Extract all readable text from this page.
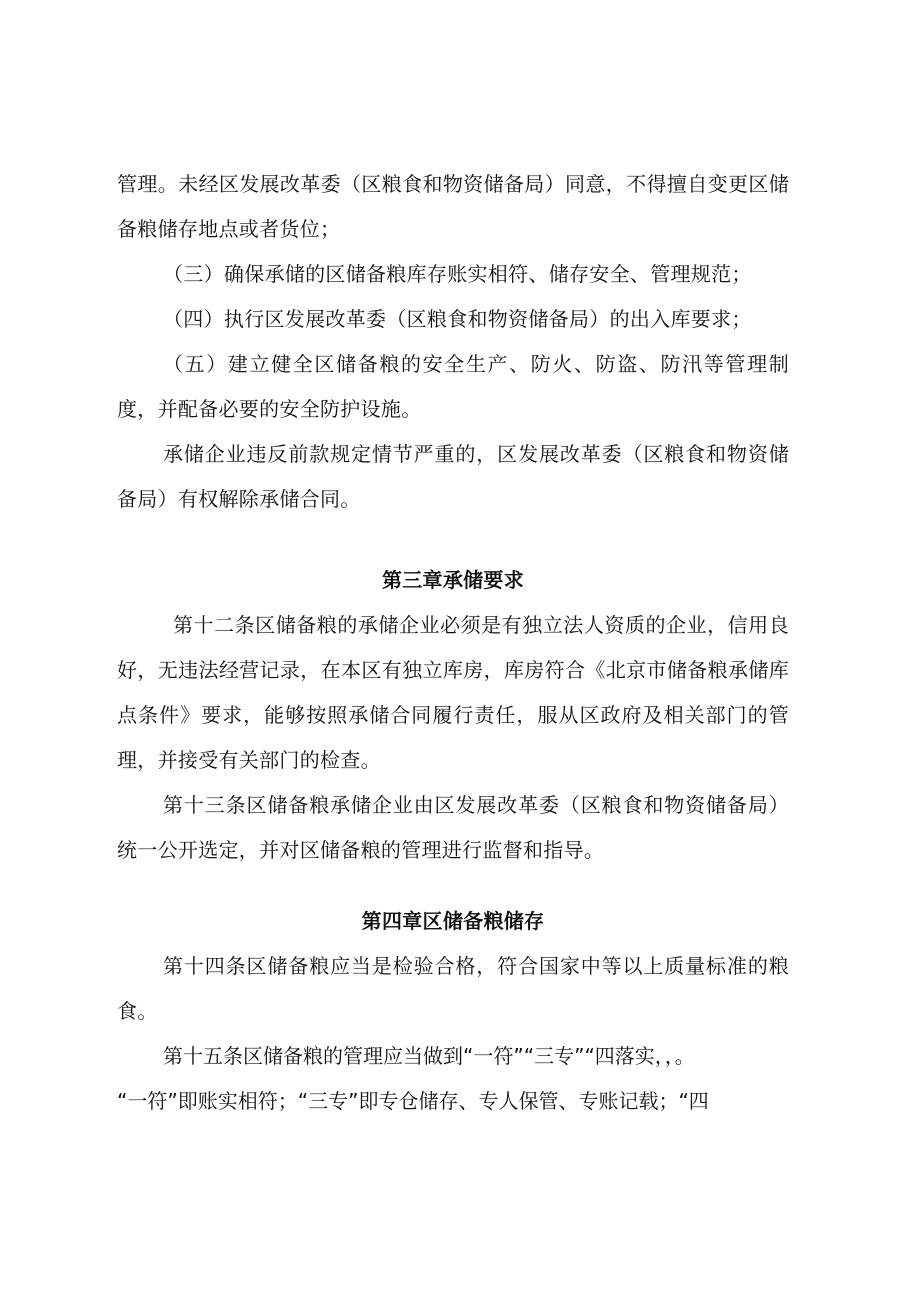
管理。未经区发展改革委（区粮食和物资储备局）同意，不得擅自变更区储备粮储存地点或者货位；

（三）确保承储的区储备粮库存账实相符、储存安全、管理规范；

（四）执行区发展改革委（区粮食和物资储备局）的出入库要求；

（五）建立健全区储备粮的安全生产、防火、防盗、防汛等管理制度，并配备必要的安全防护设施。

承储企业违反前款规定情节严重的，区发展改革委（区粮食和物资储备局）有权解除承储合同。

第三章承储要求

第十二条区储备粮的承储企业必须是有独立法人资质的企业，信用良好，无违法经营记录，在本区有独立库房，库房符合《北京市储备粮承储库点条件》要求，能够按照承储合同履行责任，服从区政府及相关部门的管理，并接受有关部门的检查。

第十三条区储备粮承储企业由区发展改革委（区粮食和物资储备局）统一公开选定，并对区储备粮的管理进行监督和指导。

第四章区储备粮储存

第十四条区储备粮应当是检验合格，符合国家中等以上质量标准的粮食。

第十五条区储备粮的管理应当做到“一符”“三专”“四落实，，。

“一符”即账实相符；“三专”即专仓储存、专人保管、专账记载；“四
